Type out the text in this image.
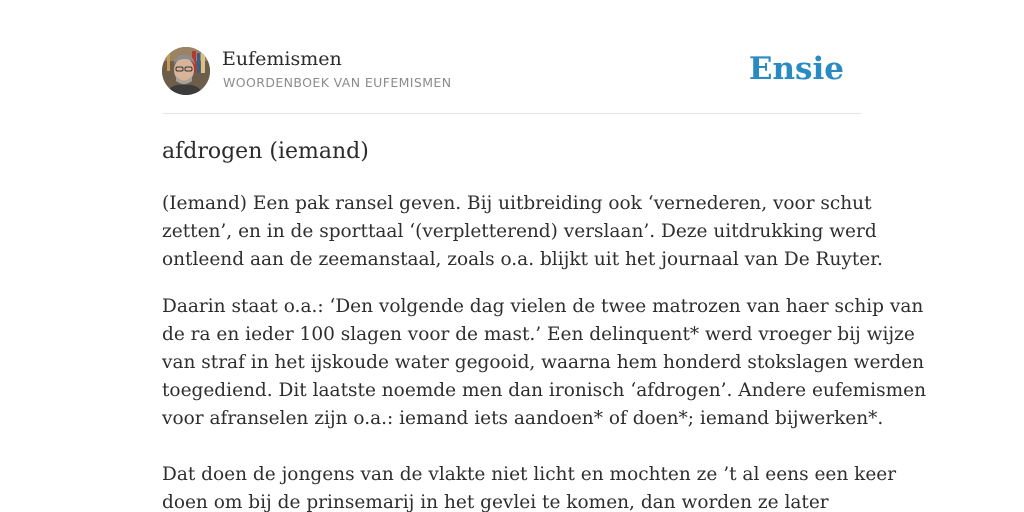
Eufemismen
WOORDENBOEK VAN EUFEMISMEN	Ensie
afdrogen (iemand)

(Iemand) Een pak ransel geven. Bij uitbreiding ook ‘vernederen, voor schut

zetten’, en in de sporttaal ‘(verpletterend) verslaan’. Deze uitdrukking werd

ontleend aan de zeemanstaal, zoals o.a. blijkt uit het journaal van De Ruyter.

Daarin staat o.a.: ‘Den volgende dag vielen de twee matrozen van haer schip van

de ra en ieder 100 slagen voor de mast.’ Een delinquent* werd vroeger bij wijze

van straf in het ijskoude water gegooid, waarna hem honderd stokslagen werden

toegediend. Dit laatste noemde men dan ironisch ‘afdrogen’. Andere eufemismen

voor afranselen zijn o.a.: iemand iets aandoen* of doen*; iemand bijwerken*.

Dat doen de jongens van de vlakte niet licht en mochten ze ’t al eens een keer

doen om bij de prinsemarij in het gevlei te komen, dan worden ze later
